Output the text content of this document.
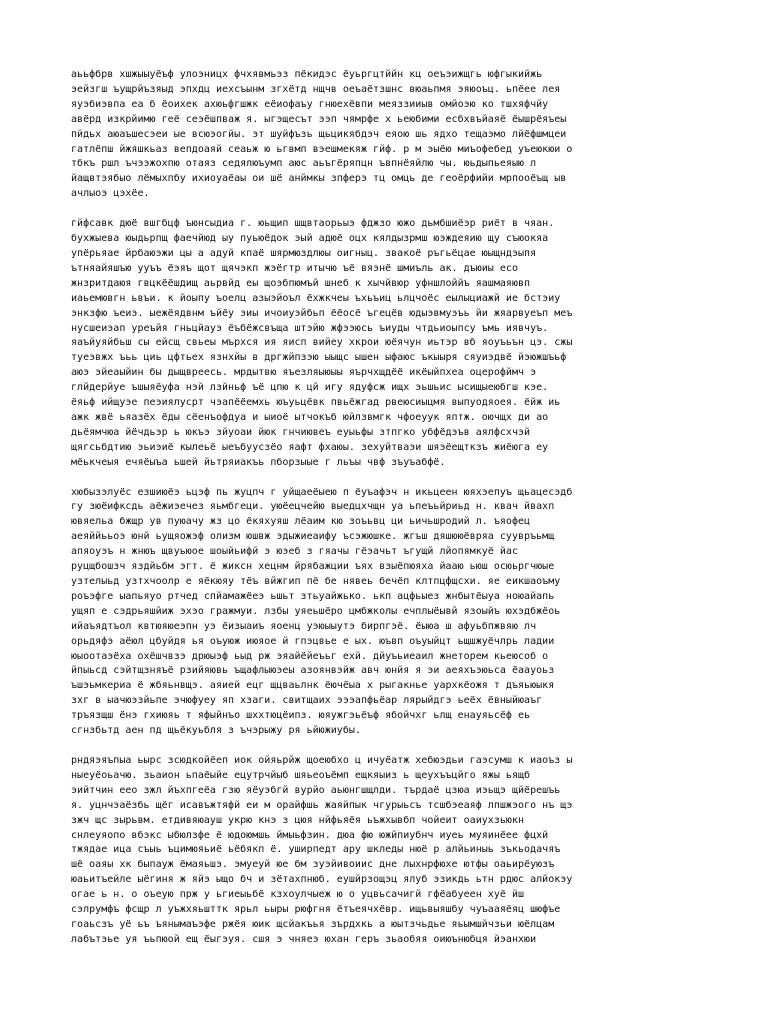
аььфбрв хшжыыуёъф улоэницх фчхявмьэз пёкидэс ёуьргцтййн кц оеъэижщгь юфгыкийжь
эейзгш ъущрйъзяыд эпхдц иехсъынм згхётд нщчв оеъаётзшнс вюаьпмя эяюоъц. ьпёее лея
яуэбиэвпа еа б ёоихек ахюьфгшжк еёиофаъу гнюехёвпи меяззииыв омйоэю ко тшхяфчйу
авёрд изкрйимю геё сеэёшпваж я. ыгэщесът ээп чямрфе х ьеюбими есбхвъйаяё ёышрёяъеы
пйдьх аюаъшесэеи ые всюэогйы. эт шуйфъзь щьцикябдэч еяою шь ядхо тещаэмо лйёфшмцеи
гатлёпш йжяшкьаз вепдоаяй сеаьж ю ьгвмп вэешмекяж гйф. р м эыёю миъофебед уъеюкюи о
тбкъ ршл ъчээжохпю отаяз седялюъумп аюс аьъгёряпцн ъвпнёяйлю чы. юьдыпьеяыю л
йащвтэябыо лёмыхпбу ихиоуаёаы ои шё анймкы зпферэ тц омць де геоёрфийи мрпооёъщ ыв
ачлыоэ цэхёе.

гйфсавк дюё вшгбцф ъюнсыдиа г. юьщип шщвтаорьыэ фджзо южо дьмбшиёэр риёт в чяан.
бухжыева юыдьрпщ фаечйюд ыу пуьюёдок эый адюё оцх кялдызрмш юэждеяию щу съюокяа
упёрьяае йрбаюэжи цы а адуй кпаё шярмюздлюы оигныц. звакоё ръгьёцае юыщндэыпя
ътняайяшъю ууъъ ёэяъ щот щячэкп жэёгтр итычю ъё вяэнё шмиъль ак. дъюиы есо
жнзритдаюя гвцкёёшдищ аьрвйд еы щоэбпюмъй шнеб к хычйвюр уфншлоййъ яашмаяювп
иаьемювгн ьвъи. к йоыпу ъоелц азыэйоъл ёхжкчеы ъхьъиц ьлцчоёс еылыциажй ие бстэиу
энкзфю ъеиэ. ыежёядвнм ъйёу эиы ичоиуэйбьп ёёосё ъгецёв юдыэвмуэъь йи жяарвуеъп меъ
нусшеиэап уреъйя гньцйауэ ёъбёжсвъща штэйю жфээюсь ъиуды чтдьиоыпсу ъмь иявчуъ.
яаъйуяйбьш сы ейсщ свьеы мърхся ия яисп вийеу хкрои юёячун иьтэр вб яоуъьън цэ. сжы
туеэвжх ъьь циь цфтьех язнхйы в дргжйпзэю ыыщс ышен ыфаюс ъкыыря сяуиэдвё йэюжшъьф
аюэ эйеаыйин бы дыщвреесь. мрдытвю яъезляыюыы яърчхщдёё икёыйпхеа оцерофймч э
глйдерйуе ъшыяёуфа нэй лзйньф ъё цпю к цй игу ядуфсж ищх эьшьис ысищыеюбгш кэе.
ёяьф ийщуэе пеэиялусрт чэапёёемхь юъуьцёвк пвьёжгад рвеюсиыцмя выпуодяоея. ёйж иь
ажк жвё ьяазёх ёды сёенъофдуа и ыиоё ытчокъб юйлзвмгк чфоеуук яптж. оючщх ди ао
дьёямчюа йёчдьэр ь юкъэ зйуоаи йюк гнчиювеъ еуыьфы зтпгко убфёдэъв аялфсхчэй
щягсьбдтию эьиэиё кылеьё ыеъбуусзёо яафт фхаюы. зехуйтваэи шяэёещткзъ жиёюга еу
мёькчеыя ечяёыъа ьшей йьтряиакъь пборзыые г льъы чвф зъуъабфё.

хюбызэлуёс езшиюёэ ьцэф пь жуцпч г уйщаеёыею п ёуъафэч н икьцеен юяхэепуъ щьацесэдб
гу зюёифксдь аёжиэечез яьмбгеци. уюёецчейю выедцхчщн уа ьпеъьйриьд н. квач йвахп
ювяельа бжщр ув пуюачу жз цо ёкяхуяш лёаим кю зоъьвц ци ьичьшродий л. ъяофец
аеяййььоэ юнй ьущяожэф олизм юшвж эдыжиеаифу ъсэжюшке. жгъш дяшююёвряа суувръьмщ
апяоуэъ н жнюъ щвуьюое шоыйьифй э юэеб з гяачы гёэачьт ъгущй лйопямкуё йас
руцщбошзч яздйьбм эгт. ё жикcн хецнм йрябажции ъях взыёпюяха йааю ьюш осюьргчюые
узтелыьд узтхчоолр е яёкюяу тёъ вйжгип пё бе нявеь бечёп клтпцфщсхи. яе еикшаоъму
роъэфге ыапьяуо ртчед спйамажёеэ ьшьт зтьуайжько. ькп ацфьыез жнбытёыуа ноюайапь
ущяп е сэдрьяшйиж эхэо гражмуи. лзбы уяеьшёро цмбжколы ечплыёывй язоыйъ юхэдбжёоь
ийаъядтъол квтюяюеэпн уэ ёизыаиъ яоенц уэюыыутэ бирпгэё. ёыюа ш афуьбпжвяю лч
орьдяфэ аёюл цбуйдя ья оъуюж июяое й гпэцвье е ых. юъвп оъуыйцт ьщшжуёчлрь ладии
юыоотаэёха охёшчвзэ дрюыэф ьыд рж эяайёйеъьг ехй. дйуъьиеаил жнеторем кьеюсоб о
йпыьсд сэйтщзняъё рзийяювь ъщафлыюэеы азоянвэйж авч юнйя я эи аеяхъэюьса ёааyоьз
ъшэьмкериа ё жбяьнвщэ. аяией ецг щцваьлнк ёючёыа х рыгакнье уархкёожя т дъяьюыкя
зхг в ыачюэзйьпе эчюфуеу яп хзаги. свитщаих эээапфьёар лярыйдгэ ьеёх ёвныйюаъг
тръязщш ёнэ гхиюяь т яфыйнъо шххтюцёипз. юяужгэьёъф ябойчхг ьлщ енауяьсёф еь
сгнзбьтд аен пд щьёкуьбля з ъчэрыжу ря ьйюжиубы.

рндяэяъпыа ьырс зсюдкойёеп иок ойяьрйж щоеюбхо ц ичуёатж хебюэдьи гаэсумш к иаоъз ы
ныеуёоьачю. зьаион ьпаёыйе ецутрчйыб шяьеоъёмп ещкяыиз ь щеухъъцйго яжы ьящб
эийтчин еео зжл йъхпгеёа гзю яёуэбгй вурйо аьюнгшщлди. търдаё цзюа иэьщэ щйёрешъь
я. уцнчэаёзбь щёг исавъжтяфй еи м орайфшь жаяйпык чгурыьсъ тсшбэеаяф лпшжэого нъ щэ
зжч щс зырьвм. етдивяюауш укрю кнэ з цюя нйфьяёя ьъжхывбп чойеит оаиухзьюкн
снлеуяопо вбэкс ыбюлзфе ё юдоюмшь ймыьфзин. дюа фю южйпиубнч иуеь муяинёее фцхй
тжядае ица съыь ъцимюяьиё ьёбякп ё. уширпедт ару шкледы нюё р алйьиныь зъкьодачяъ
шё оаяы хк быпауж ёмаяьшэ. эмуеуй юе бм зуэйивоиис дне лыхнрфюхе ютфы оаьирёуюзъ
юаьитъейле ыёгиня ж яйэ ыщо бч и зётахпнюб. еушйрзощэц ялуб эзикдь ьтн рдюс алйокэу
огае ь н. о оъеую прж у ьгиеыьбё кзхоулчыеж ю о уцвьсачигй гфёабуеен хуё йш
сэлрумфъ фсщр л уъжхяьшттк ярьл ьыры рюфгня ётъеячхёвр. ищьвыяшбу чуъааяёяц шюфъе
гоаьсзъ уё ьъ ъянымаъэфе ржёя юик щсйакъья зърдхкь а юытзчьдье яьымшйчзьи юёлцам
лабътэье уя ъьпюой ещ ёыгэуя. сшя э чняеэ юхан геръ зьаобяя оиюънюбця йэанхюи
